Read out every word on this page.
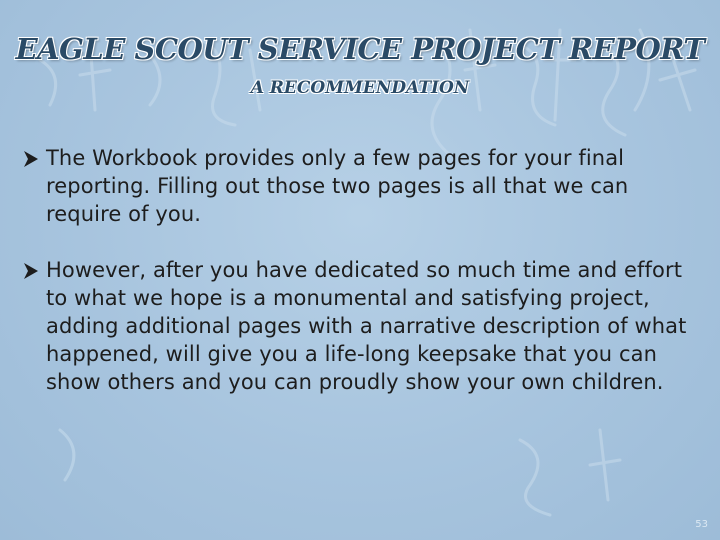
EAGLE SCOUT SERVICE PROJECT REPORT
A RECOMMENDATION
The Workbook provides only a few pages for your final reporting. Filling out those two pages is all that we can require of you.
However, after you have dedicated so much time and effort to what we hope is a monumental and satisfying project, adding additional pages with a narrative description of what happened, will give you a life-long keepsake that you can show others and you can proudly show your own children.
53
